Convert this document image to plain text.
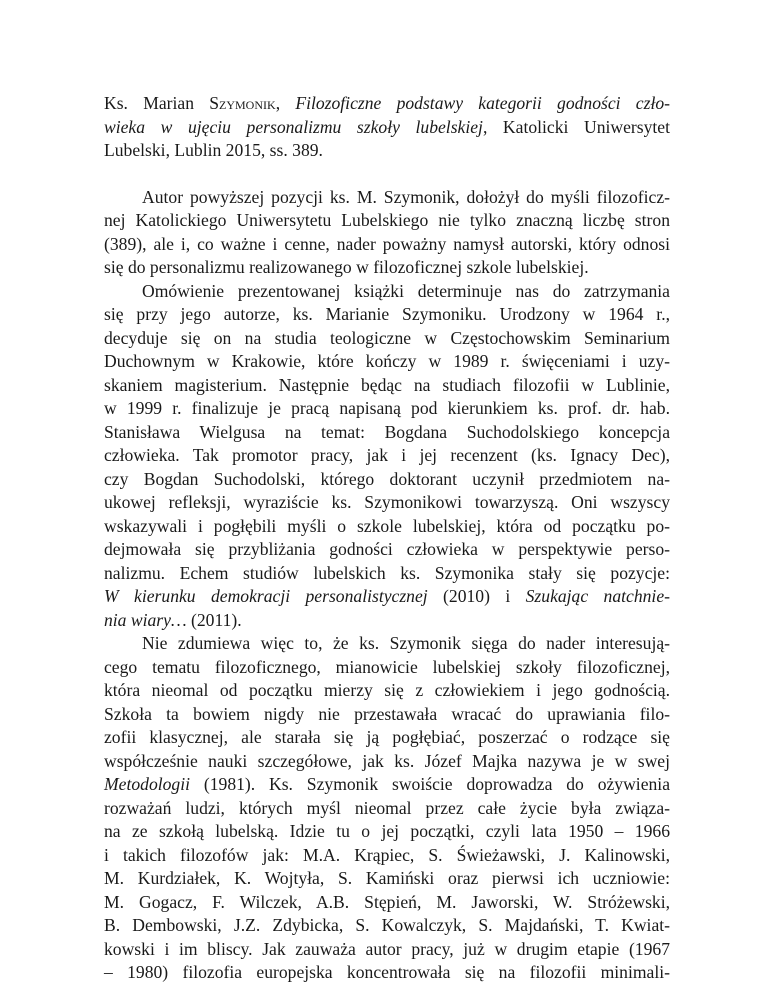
Ks. Marian Szymonik, Filozoficzne podstawy kategorii godności czło-
wieka w ujęciu personalizmu szkoły lubelskiej, Katolicki Uniwersytet
Lubelski, Lublin 2015, ss. 389.

Autor powyższej pozycji ks. M. Szymonik, dołożył do myśli filozoficz-
nej Katolickiego Uniwersytetu Lubelskiego nie tylko znaczną liczbę stron
(389), ale i, co ważne i cenne, nader poważny namysł autorski, który odnosi
się do personalizmu realizowanego w filozoficznej szkole lubelskiej.

Omówienie prezentowanej książki determinuje nas do zatrzymania
się przy jego autorze, ks. Marianie Szymoniku. Urodzony w 1964 r.,
decyduje się on na studia teologiczne w Częstochowskim Seminarium
Duchownym w Krakowie, które kończy w 1989 r. święceniami i uzy-
skaniem magisterium. Następnie będąc na studiach filozofii w Lublinie,
w 1999 r. finalizuje je pracą napisaną pod kierunkiem ks. prof. dr. hab.
Stanisława Wielgusa na temat: Bogdana Suchodolskiego koncepcja
człowieka. Tak promotor pracy, jak i jej recenzent (ks. Ignacy Dec),
czy Bogdan Suchodolski, którego doktorant uczynił przedmiotem na-
ukowej refleksji, wyraziście ks. Szymonikowi towarzyszą. Oni wszyscy
wskazywali i pogłębili myśli o szkole lubelskiej, która od początku po-
dejmowała się przybliżania godności człowieka w perspektywie perso-
nalizmu. Echem studiów lubelskich ks. Szymonika stały się pozycje:
W kierunku demokracji personalistycznej (2010) i Szukając natchnie-
nia wiary… (2011).

Nie zdumiewa więc to, że ks. Szymonik sięga do nader interesują-
cego tematu filozoficznego, mianowicie lubelskiej szkoły filozoficznej,
która nieomal od początku mierzy się z człowiekiem i jego godnością.
Szkoła ta bowiem nigdy nie przestawała wracać do uprawiania filo-
zofii klasycznej, ale starała się ją pogłębiać, poszerzać o rodzące się
współcześnie nauki szczegółowe, jak ks. Józef Majka nazywa je w swej
Metodologii (1981). Ks. Szymonik swoiście doprowadza do ożywienia
rozważań ludzi, których myśl nieomal przez całe życie była związa-
na ze szkołą lubelską. Idzie tu o jej początki, czyli lata 1950 – 1966
i takich filozofów jak: M.A. Krąpiec, S. Świeżawski, J. Kalinowski,
M. Kurdziałek, K. Wojtyła, S. Kamiński oraz pierwsi ich uczniowie:
M. Gogacz, F. Wilczek, A.B. Stępień, M. Jaworski, W. Stróżewski,
B. Dembowski, J.Z. Zdybicka, S. Kowalczyk, S. Majdański, T. Kwiat-
kowski i im bliscy. Jak zauważa autor pracy, już w drugim etapie (1967
– 1980) filozofia europejska koncentrowała się na filozofii minimali-
